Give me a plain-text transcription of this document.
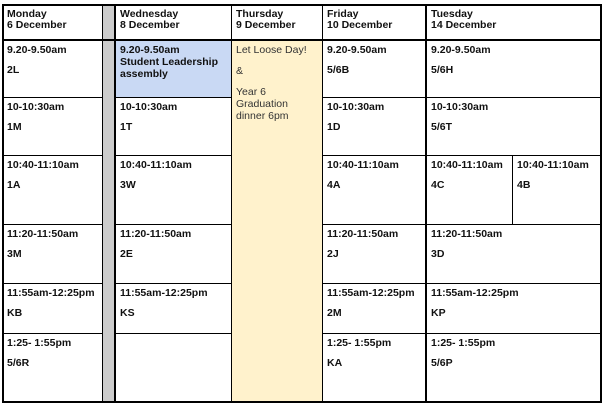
Monday
6 December
Wednesday
8 December
Thursday
9 December
Friday
10 December
Tuesday
14 December
9.20-9.50am
2L
10-10:30am
1M
10:40-11:10am
1A
11:20-11:50am
3M
11:55am-12:25pm
KB
1:25- 1:55pm
5/6R
9.20-9.50am
Student Leadership assembly
10-10:30am
1T
10:40-11:10am
3W
11:20-11:50am
2E
11:55am-12:25pm
KS

Let Loose Day!

&

Year 6 Graduation dinner 6pm

9.20-9.50am
5/6B
10-10:30am
1D
10:40-11:10am
4A
11:20-11:50am
2J
11:55am-12:25pm
2M
1:25- 1:55pm
KA
9.20-9.50am
5/6H
10-10:30am
5/6T
10:40-11:10am
4C
10:40-11:10am
4B
11:20-11:50am
3D
11:55am-12:25pm
KP
1:25- 1:55pm
5/6P
